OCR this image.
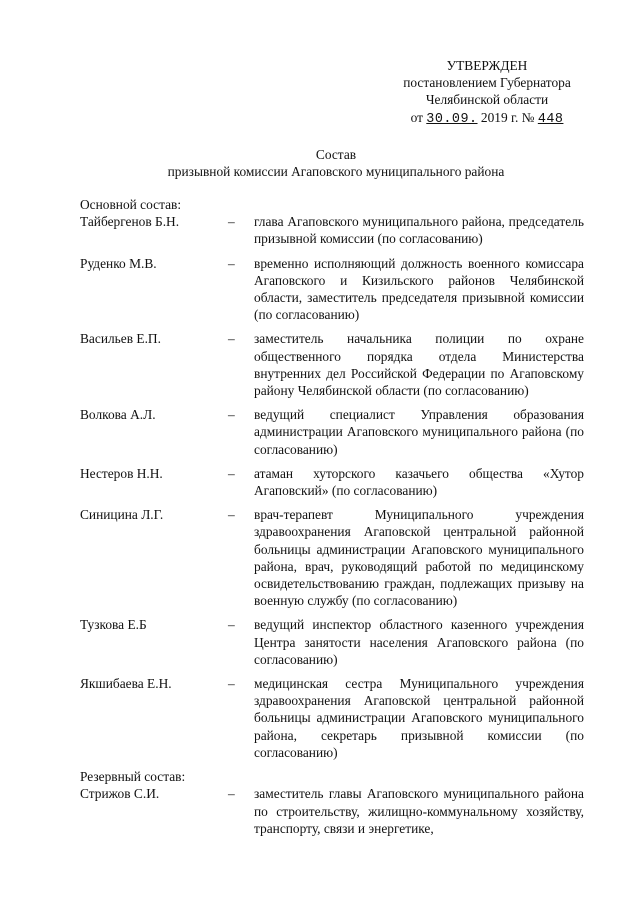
УТВЕРЖДЕН
постановлением Губернатора
Челябинской области
от 30.09. 2019 г. № 448
Состав
призывной комиссии Агаповского муниципального района
Основной состав:
Тайбергенов Б.Н.	–	глава Агаповского муниципального района, председатель призывной комиссии (по согласованию)
Руденко М.В.	–	временно исполняющий должность военного комиссара Агаповского и Кизильского районов Челябинской области, заместитель председателя призывной комиссии (по согласованию)
Васильев Е.П.	–	заместитель начальника полиции по охране общественного порядка отдела Министерства внутренних дел Российской Федерации по Агаповскому району Челябинской области (по согласованию)
Волкова А.Л.	–	ведущий специалист Управления образования администрации Агаповского муниципального района (по согласованию)
Нестеров Н.Н.	–	атаман хуторского казачьего общества «Хутор Агаповский» (по согласованию)
Синицина Л.Г.	–	врач-терапевт Муниципального учреждения здравоохранения Агаповской центральной районной больницы администрации Агаповского муниципального района, врач, руководящий работой по медицинскому освидетельствованию граждан, подлежащих призыву на военную службу (по согласованию)
Тузкова Е.Б	–	ведущий инспектор областного казенного учреждения Центра занятости населения Агаповского района (по согласованию)
Якшибаева Е.Н.	–	медицинская сестра Муниципального учреждения здравоохранения Агаповской центральной районной больницы администрации Агаповского муниципального района, секретарь призывной комиссии (по согласованию)
Резервный состав:
Стрижов С.И.	–	заместитель главы Агаповского муниципального района по строительству, жилищно-коммунальному хозяйству, транспорту, связи и энергетике,
